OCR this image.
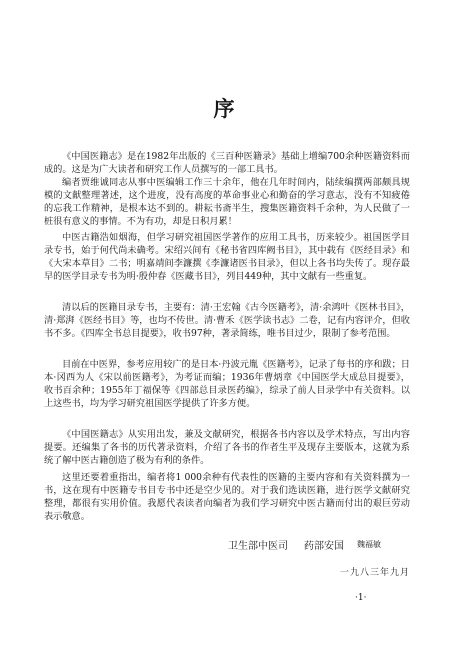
序

《中国医籍志》是在1982年出版的《三百种医籍录》基础上增编700余种医籍资料而成的。这是为广大读者和研究工作人员撰写的一部工具书。

编者贾维诚同志从事中医编辑工作三十余年，他在几年时间内，陆续编撰两部颇具规模的文献整理著述，这个进度，没有高度的革命事业心和勤奋的学习意志，没有不知疲倦的忘我工作精神，是根本达不到的。耕耘书斋半生，搜集医籍资料千余种，为人民做了一桩很有意义的事情。不为有功，却是日积月累！

中医古籍浩如烟海，但学习研究祖国医学著作的应用工具书，历来较少。祖国医学目录专书，始于何代尚未确考。宋绍兴间有《秘书省四库阙书目》，其中载有《医经目录》和《大宋本草目》二书；明嘉靖间李濂撰《李濂诸医书目录》，但以上各书均失传了。现存最早的医学目录专书为明·殷仲春《医藏书目》，列目449种，其中文献有一些重复。

清以后的医籍目录专书，主要有：清·王宏翰《古今医籍考》，清·余鸿叶《医林书目》，清·郑湃《医经书目》等，也均不传世。清·曹禾《医学读书志》二卷，记有内容评介，但收书不多。《四库全书总目提要》，收书97种，著录简练，唯书目过少，限制了参考范围。

目前在中医界，参考应用较广的是日本·丹波元胤《医籍考》，记录了每书的序和跋；日本·冈西为人《宋以前医籍考》，为考证而编；1936年曹炳章《中国医学大成总目提要》，收书百余种；1955年丁福保等《四部总目录医药编》，综录了前人目录学中有关资料。以上这些书，均为学习研究祖国医学提供了许多方便。

《中国医籍志》从实用出发，兼及文献研究，根据各书内容以及学术特点，写出内容提要。还编集了各书的历代著录资料，介绍了各书的作者生平及现存主要版本，这就为系统了解中医古籍创造了极为有利的条件。

这里还要着重指出，编者将1 000余种有代表性的医籍的主要内容和有关资料撰为一书，这在现有中医籍专书目专书中还是空少见的。对于我们选读医籍，进行医学文献研究整理，都很有实用价值。我愿代表读者向编者为我们学习研究中医古籍而付出的艰巨劳动表示敬意。

卫生部中医司 药部安国 魏福敏
一九八三年九月
·1·
